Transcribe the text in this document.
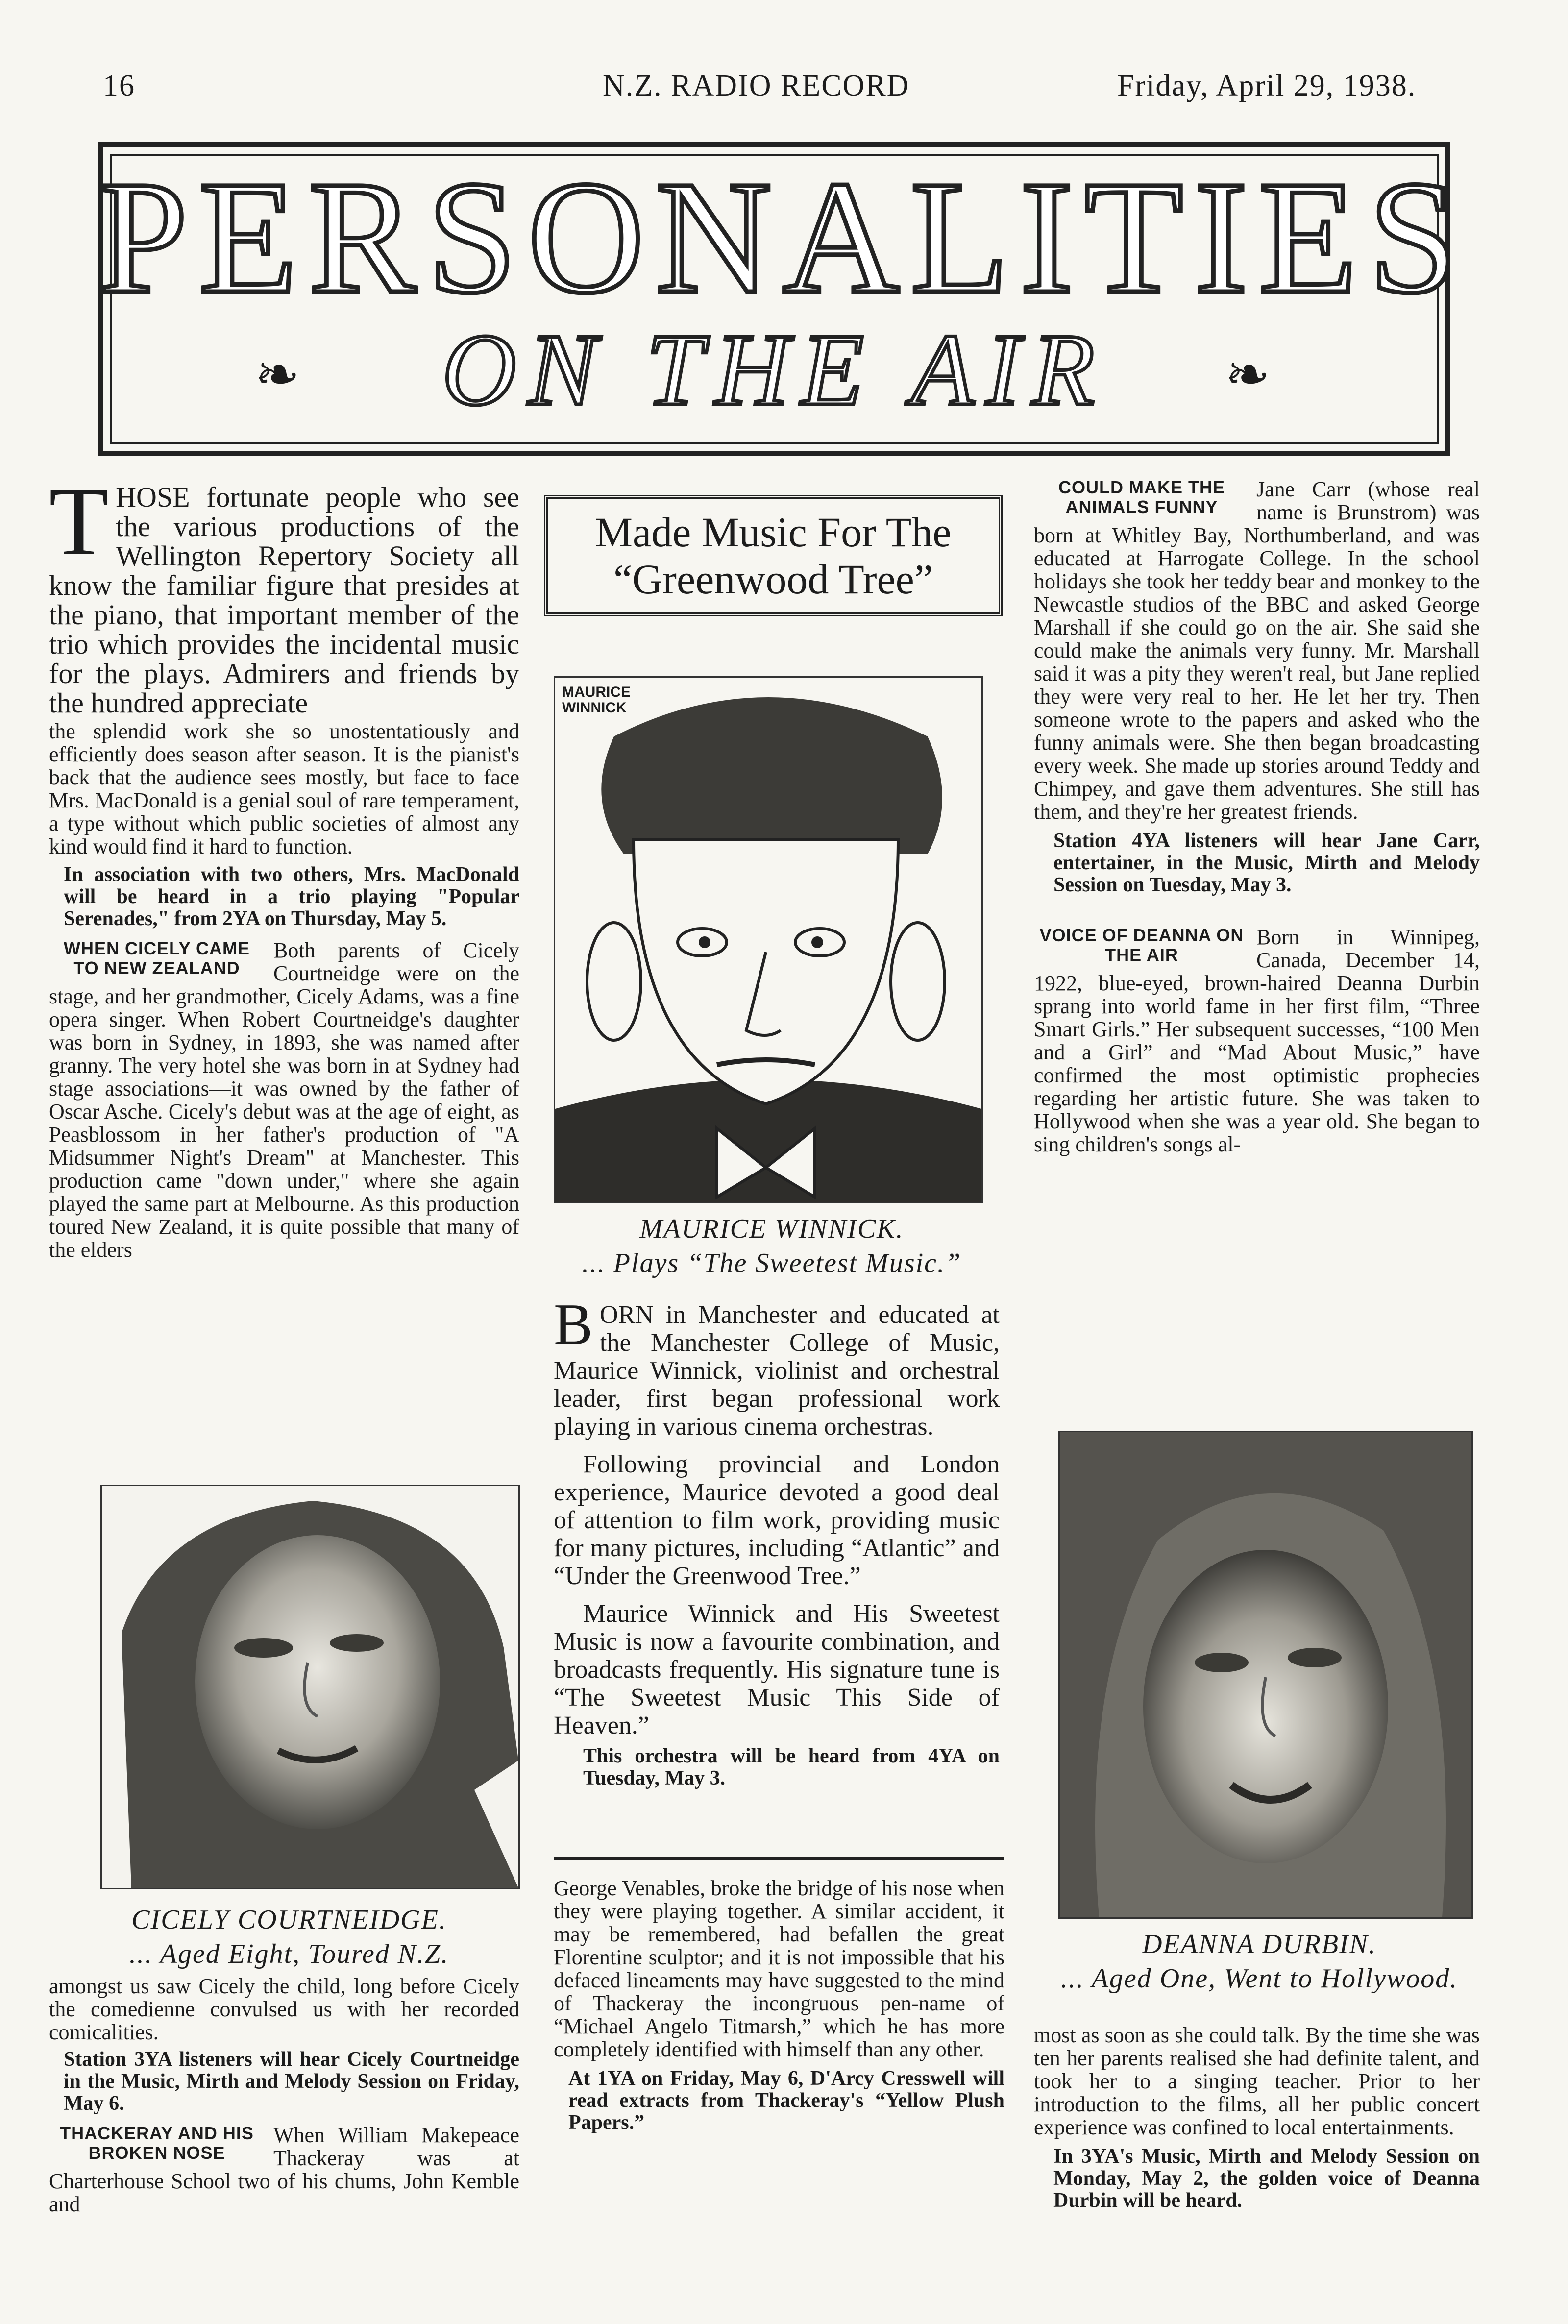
16	N.Z. RADIO RECORD	Friday, April 29, 1938.
PERSONALITIES
ON THE AIR
❧	❧

THOSE fortunate people who see the various productions of the Wellington Repertory Society all know the familiar figure that presides at the piano, that important member of the trio which provides the incidental music for the plays. Admirers and friends by the hundred appreciate

the splendid work she so unostentatiously and efficiently does season after season. It is the pianist's back that the audience sees mostly, but face to face Mrs. MacDonald is a genial soul of rare temperament, a type without which public societies of almost any kind would find it hard to function.

In association with two others, Mrs. MacDonald will be heard in a trio playing "Popular Serenades," from 2YA on Thursday, May 5.

WHEN CICELY CAME TO NEW ZEALAND

Both parents of Cicely Courtneidge were on the stage, and her grandmother, Cicely Adams, was a fine opera singer. When Robert Courtneidge's daughter was born in Sydney, in 1893, she was named after granny. The very hotel she was born in at Sydney had stage associations—it was owned by the father of Oscar Asche. Cicely's debut was at the age of eight, as Peasblossom in her father's production of "A Midsummer Night's Dream" at Manchester. This production came "down under," where she again played the same part at Melbourne. As this production toured New Zealand, it is quite possible that many of the elders

CICELY COURTNEIDGE.
... Aged Eight, Toured N.Z.

amongst us saw Cicely the child, long before Cicely the comedienne convulsed us with her recorded comicalities.

Station 3YA listeners will hear Cicely Courtneidge in the Music, Mirth and Melody Session on Friday, May 6.

THACKERAY AND HIS BROKEN NOSE

When William Makepeace Thackeray was at Charterhouse School two of his chums, John Kemble and

Made Music For The “Greenwood Tree”
MAURICE WINNICK
MAURICE WINNICK.
... Plays “The Sweetest Music.”

BORN in Manchester and educated at the Manchester College of Music, Maurice Winnick, violinist and orchestral leader, first began professional work playing in various cinema orchestras.

Following provincial and London experience, Maurice devoted a good deal of attention to film work, providing music for many pictures, including “Atlantic” and “Under the Greenwood Tree.”

Maurice Winnick and His Sweetest Music is now a favourite combination, and broadcasts frequently. His signature tune is “The Sweetest Music This Side of Heaven.”

This orchestra will be heard from 4YA on Tuesday, May 3.

George Venables, broke the bridge of his nose when they were playing together. A similar accident, it may be remembered, had befallen the great Florentine sculptor; and it is not impossible that his defaced lineaments may have suggested to the mind of Thackeray the incongruous pen-name of “Michael Angelo Titmarsh,” which he has more completely identified with himself than any other.

At 1YA on Friday, May 6, D'Arcy Cresswell will read extracts from Thackeray's “Yellow Plush Papers.”

COULD MAKE THE ANIMALS FUNNY

Jane Carr (whose real name is Brunstrom) was born at Whitley Bay, Northumberland, and was educated at Harrogate College. In the school holidays she took her teddy bear and monkey to the Newcastle studios of the BBC and asked George Marshall if she could go on the air. She said she could make the animals very funny. Mr. Marshall said it was a pity they weren't real, but Jane replied they were very real to her. He let her try. Then someone wrote to the papers and asked who the funny animals were. She then began broadcasting every week. She made up stories around Teddy and Chimpey, and gave them adventures. She still has them, and they're her greatest friends.

Station 4YA listeners will hear Jane Carr, entertainer, in the Music, Mirth and Melody Session on Tuesday, May 3.

VOICE OF DEANNA ON THE AIR

Born in Winnipeg, Canada, December 14, 1922, blue-eyed, brown-haired Deanna Durbin sprang into world fame in her first film, “Three Smart Girls.” Her subsequent successes, “100 Men and a Girl” and “Mad About Music,” have confirmed the most optimistic prophecies regarding her artistic future. She was taken to Hollywood when she was a year old. She began to sing children's songs al-

DEANNA DURBIN.
... Aged One, Went to Hollywood.

most as soon as she could talk. By the time she was ten her parents realised she had definite talent, and took her to a singing teacher. Prior to her introduction to the films, all her public concert experience was confined to local entertainments.

In 3YA's Music, Mirth and Melody Session on Monday, May 2, the golden voice of Deanna Durbin will be heard.
